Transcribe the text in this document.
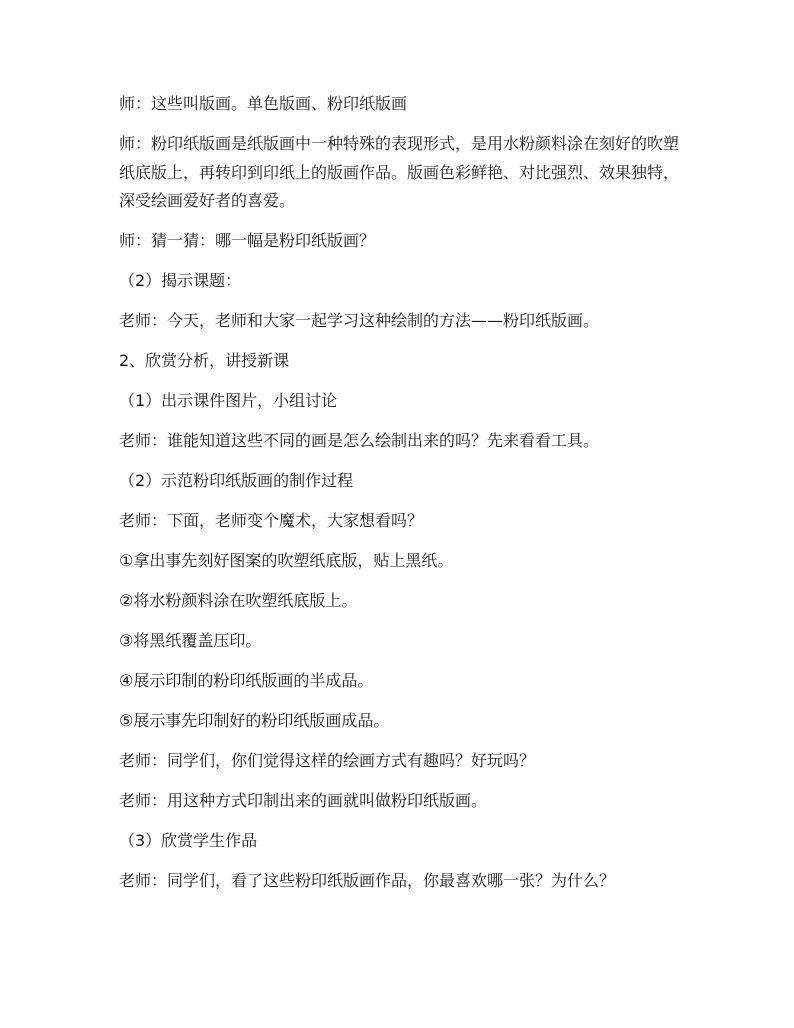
师：这些叫版画。单色版画、粉印纸版画

师：粉印纸版画是纸版画中一种特殊的表现形式，是用水粉颜料涂在刻好的吹塑纸底版上，再转印到印纸上的版画作品。版画色彩鲜艳、对比强烈、效果独特，深受绘画爱好者的喜爱。

师：猜一猜：哪一幅是粉印纸版画？

（2）揭示课题：

老师：今天，老师和大家一起学习这种绘制的方法——粉印纸版画。

2、欣赏分析，讲授新课

（1）出示课件图片，小组讨论

老师：谁能知道这些不同的画是怎么绘制出来的吗？先来看看工具。

（2）示范粉印纸版画的制作过程

老师：下面，老师变个魔术，大家想看吗？

①拿出事先刻好图案的吹塑纸底版，贴上黑纸。

②将水粉颜料涂在吹塑纸底版上。

③将黑纸覆盖压印。

④展示印制的粉印纸版画的半成品。

⑤展示事先印制好的粉印纸版画成品。

老师：同学们，你们觉得这样的绘画方式有趣吗？好玩吗？

老师：用这种方式印制出来的画就叫做粉印纸版画。

（3）欣赏学生作品

老师：同学们，看了这些粉印纸版画作品，你最喜欢哪一张？为什么？
